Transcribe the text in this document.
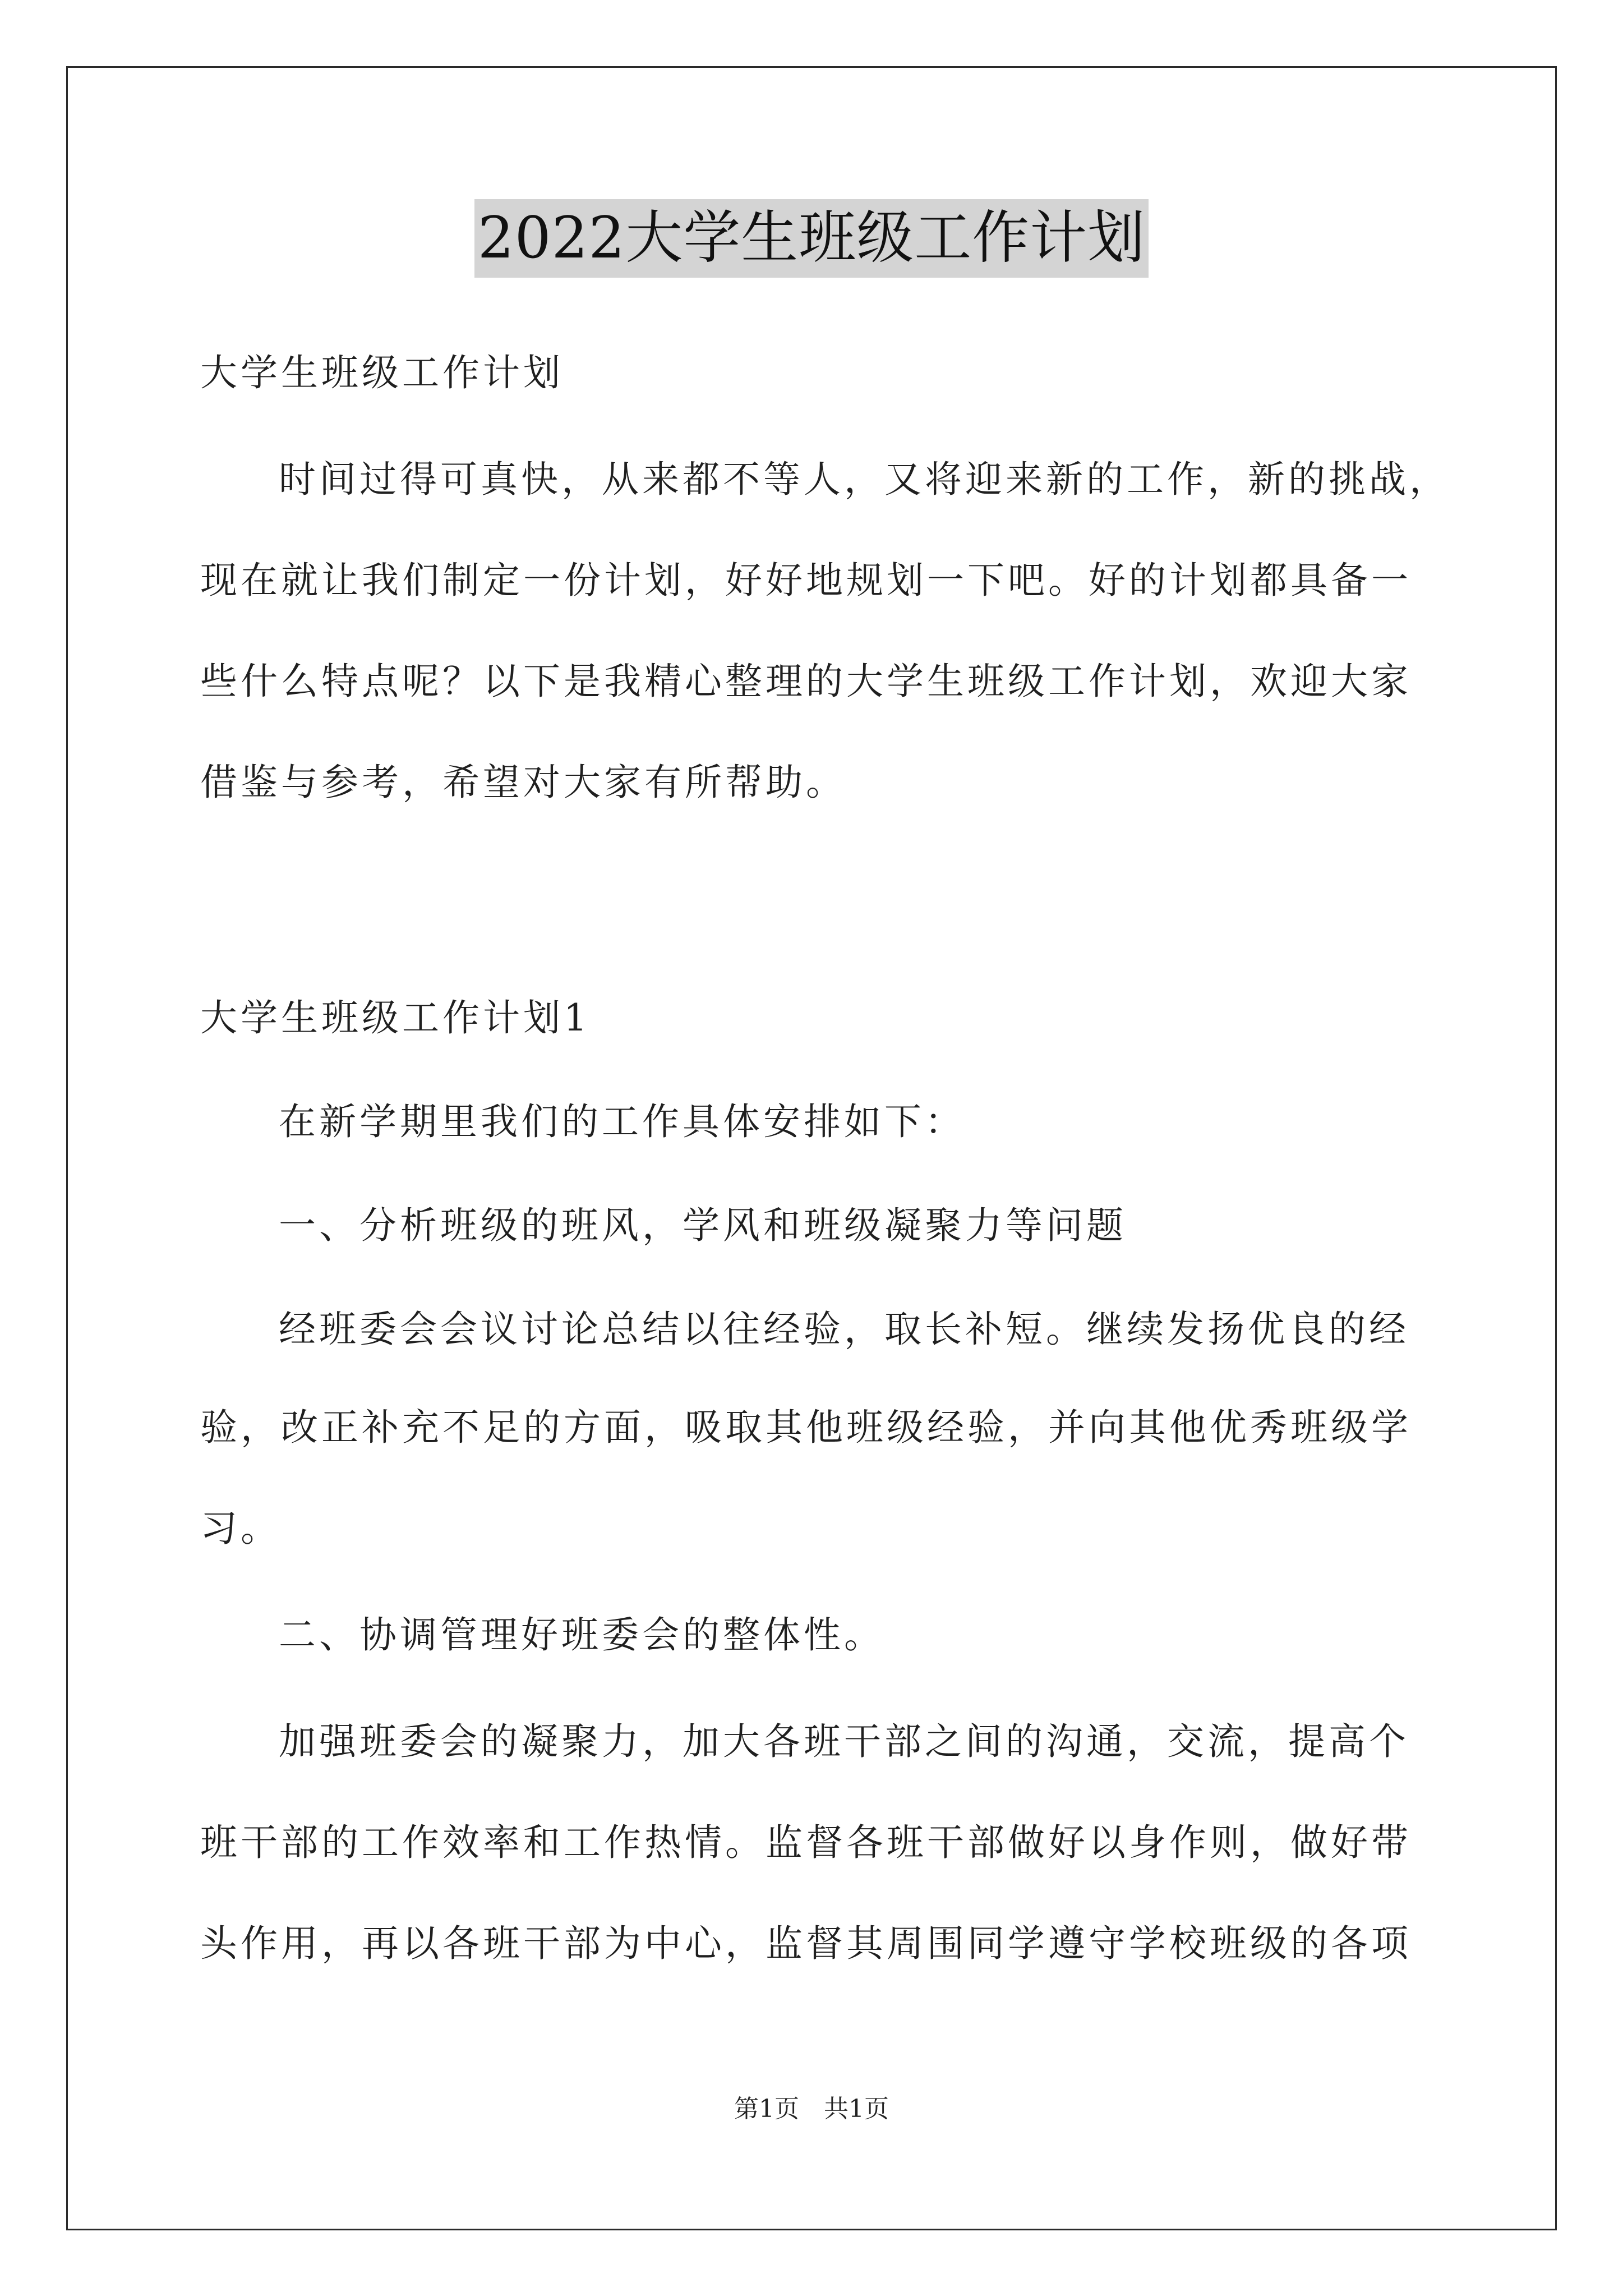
2022大学生班级工作计划
大学生班级工作计划
时间过得可真快，从来都不等人，又将迎来新的工作，新的挑战，
现在就让我们制定一份计划，好好地规划一下吧。好的计划都具备一
些什么特点呢？以下是我精心整理的大学生班级工作计划，欢迎大家
借鉴与参考，希望对大家有所帮助。
大学生班级工作计划1
在新学期里我们的工作具体安排如下：
一、分析班级的班风，学风和班级凝聚力等问题
经班委会会议讨论总结以往经验，取长补短。继续发扬优良的经
验，改正补充不足的方面，吸取其他班级经验，并向其他优秀班级学
习。
二、协调管理好班委会的整体性。
加强班委会的凝聚力，加大各班干部之间的沟通，交流，提高个
班干部的工作效率和工作热情。监督各班干部做好以身作则，做好带
头作用，再以各班干部为中心，监督其周围同学遵守学校班级的各项
第1页　共1页
